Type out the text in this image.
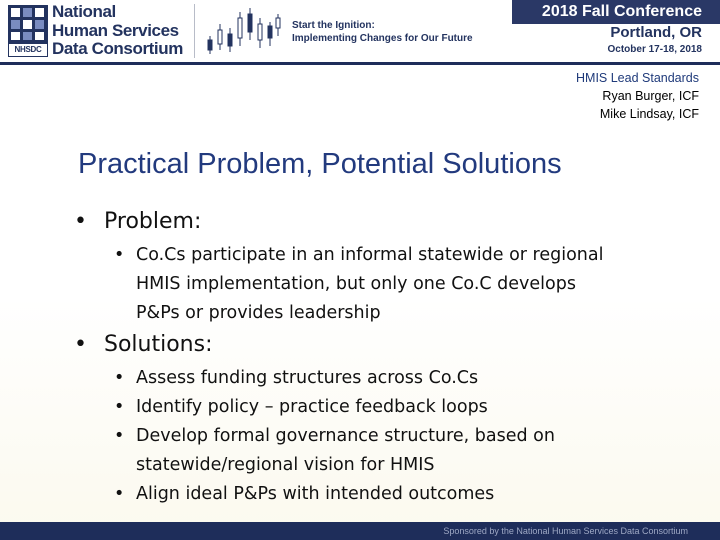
NHSDC
National
Human Services
Data Consortium
Start the Ignition:
Implementing Changes for Our Future
2018 Fall Conference
Portland, OR
October 17-18, 2018
HMIS Lead Standards
Ryan Burger, ICF
Mike Lindsay, ICF
Practical Problem, Potential Solutions
• Problem:
• Co.Cs participate in an informal statewide or regional
HMIS implementation, but only one Co.C develops
P&Ps or provides leadership
• Solutions:
• Assess funding structures across Co.Cs
• Identify policy – practice feedback loops
• Develop formal governance structure, based on
statewide/regional vision for HMIS
• Align ideal P&Ps with intended outcomes
Sponsored by the National Human Services Data Consortium
